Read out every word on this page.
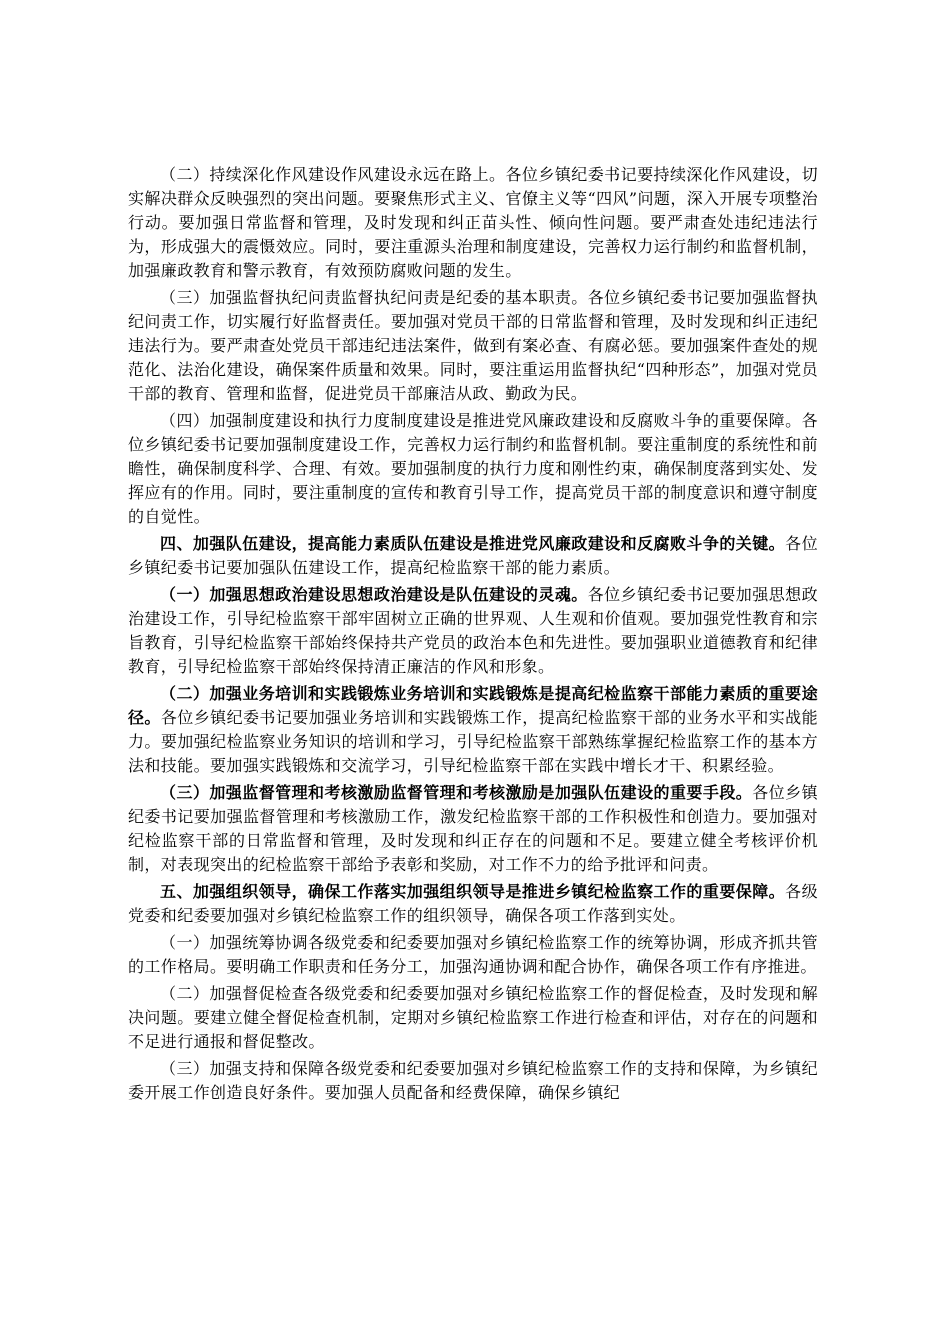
（二）持续深化作风建设作风建设永远在路上。各位乡镇纪委书记要持续深化作风建设，切实解决群众反映强烈的突出问题。要聚焦形式主义、官僚主义等“四风”问题，深入开展专项整治行动。要加强日常监督和管理，及时发现和纠正苗头性、倾向性问题。要严肃查处违纪违法行为，形成强大的震慑效应。同时，要注重源头治理和制度建设，完善权力运行制约和监督机制，加强廉政教育和警示教育，有效预防腐败问题的发生。

（三）加强监督执纪问责监督执纪问责是纪委的基本职责。各位乡镇纪委书记要加强监督执纪问责工作，切实履行好监督责任。要加强对党员干部的日常监督和管理，及时发现和纠正违纪违法行为。要严肃查处党员干部违纪违法案件，做到有案必查、有腐必惩。要加强案件查处的规范化、法治化建设，确保案件质量和效果。同时，要注重运用监督执纪“四种形态”，加强对党员干部的教育、管理和监督，促进党员干部廉洁从政、勤政为民。

（四）加强制度建设和执行力度制度建设是推进党风廉政建设和反腐败斗争的重要保障。各位乡镇纪委书记要加强制度建设工作，完善权力运行制约和监督机制。要注重制度的系统性和前瞻性，确保制度科学、合理、有效。要加强制度的执行力度和刚性约束，确保制度落到实处、发挥应有的作用。同时，要注重制度的宣传和教育引导工作，提高党员干部的制度意识和遵守制度的自觉性。

四、加强队伍建设，提高能力素质队伍建设是推进党风廉政建设和反腐败斗争的关键。各位乡镇纪委书记要加强队伍建设工作，提高纪检监察干部的能力素质。

（一）加强思想政治建设思想政治建设是队伍建设的灵魂。各位乡镇纪委书记要加强思想政治建设工作，引导纪检监察干部牢固树立正确的世界观、人生观和价值观。要加强党性教育和宗旨教育，引导纪检监察干部始终保持共产党员的政治本色和先进性。要加强职业道德教育和纪律教育，引导纪检监察干部始终保持清正廉洁的作风和形象。

（二）加强业务培训和实践锻炼业务培训和实践锻炼是提高纪检监察干部能力素质的重要途径。各位乡镇纪委书记要加强业务培训和实践锻炼工作，提高纪检监察干部的业务水平和实战能力。要加强纪检监察业务知识的培训和学习，引导纪检监察干部熟练掌握纪检监察工作的基本方法和技能。要加强实践锻炼和交流学习，引导纪检监察干部在实践中增长才干、积累经验。

（三）加强监督管理和考核激励监督管理和考核激励是加强队伍建设的重要手段。各位乡镇纪委书记要加强监督管理和考核激励工作，激发纪检监察干部的工作积极性和创造力。要加强对纪检监察干部的日常监督和管理，及时发现和纠正存在的问题和不足。要建立健全考核评价机制，对表现突出的纪检监察干部给予表彰和奖励，对工作不力的给予批评和问责。

五、加强组织领导，确保工作落实加强组织领导是推进乡镇纪检监察工作的重要保障。各级党委和纪委要加强对乡镇纪检监察工作的组织领导，确保各项工作落到实处。

（一）加强统筹协调各级党委和纪委要加强对乡镇纪检监察工作的统筹协调，形成齐抓共管的工作格局。要明确工作职责和任务分工，加强沟通协调和配合协作，确保各项工作有序推进。

（二）加强督促检查各级党委和纪委要加强对乡镇纪检监察工作的督促检查，及时发现和解决问题。要建立健全督促检查机制，定期对乡镇纪检监察工作进行检查和评估，对存在的问题和不足进行通报和督促整改。

（三）加强支持和保障各级党委和纪委要加强对乡镇纪检监察工作的支持和保障，为乡镇纪委开展工作创造良好条件。要加强人员配备和经费保障，确保乡镇纪
